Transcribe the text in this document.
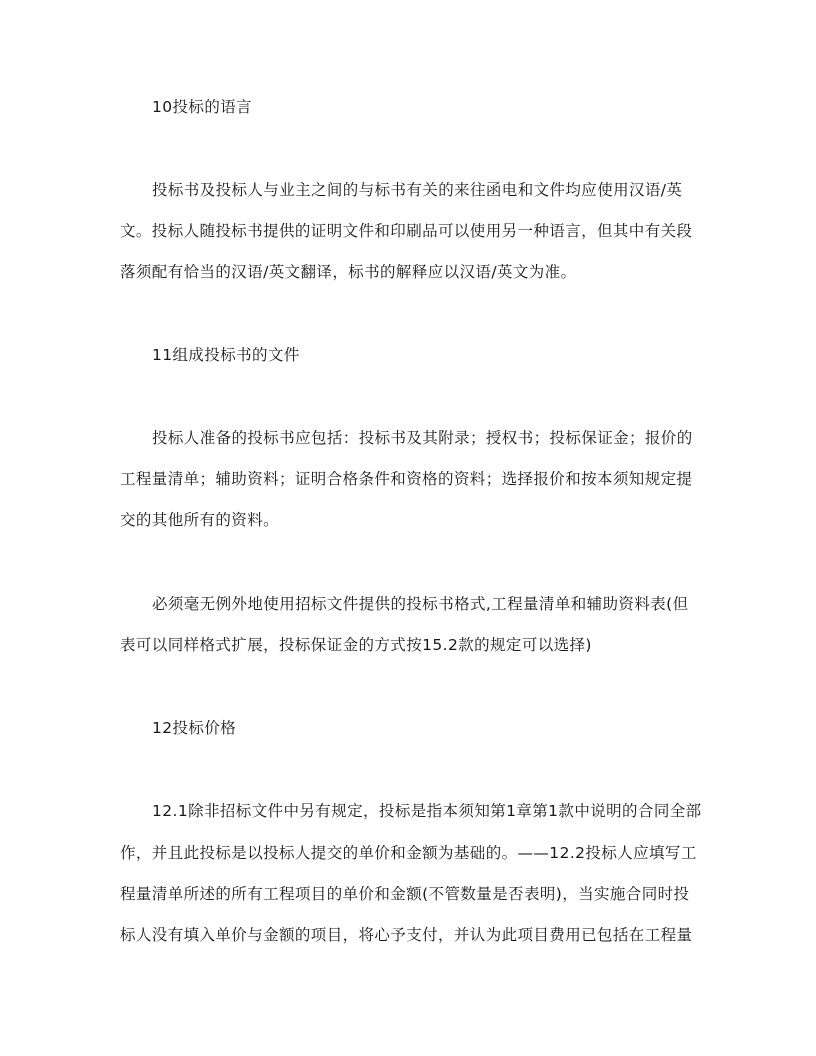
10投标的语言
投标书及投标人与业主之间的与标书有关的来往函电和文件均应使用汉语/英
文。投标人随投标书提供的证明文件和印刷品可以使用另一种语言，但其中有关段
落须配有恰当的汉语/英文翻译，标书的解释应以汉语/英文为准。
11组成投标书的文件
投标人准备的投标书应包括：投标书及其附录；授权书；投标保证金；报价的
工程量清单；辅助资料；证明合格条件和资格的资料；选择报价和按本须知规定提
交的其他所有的资料。
必须毫无例外地使用招标文件提供的投标书格式,工程量清单和辅助资料表(但
表可以同样格式扩展，投标保证金的方式按15.2款的规定可以选择)
12投标价格
12.1除非招标文件中另有规定，投标是指本须知第1章第1款中说明的合同全部
作，并且此投标是以投标人提交的单价和金额为基础的。——12.2投标人应填写工
程量清单所述的所有工程项目的单价和金额(不管数量是否表明)，当实施合同时投
标人没有填入单价与金额的项目，将心予支付，并认为此项目费用已包括在工程量
